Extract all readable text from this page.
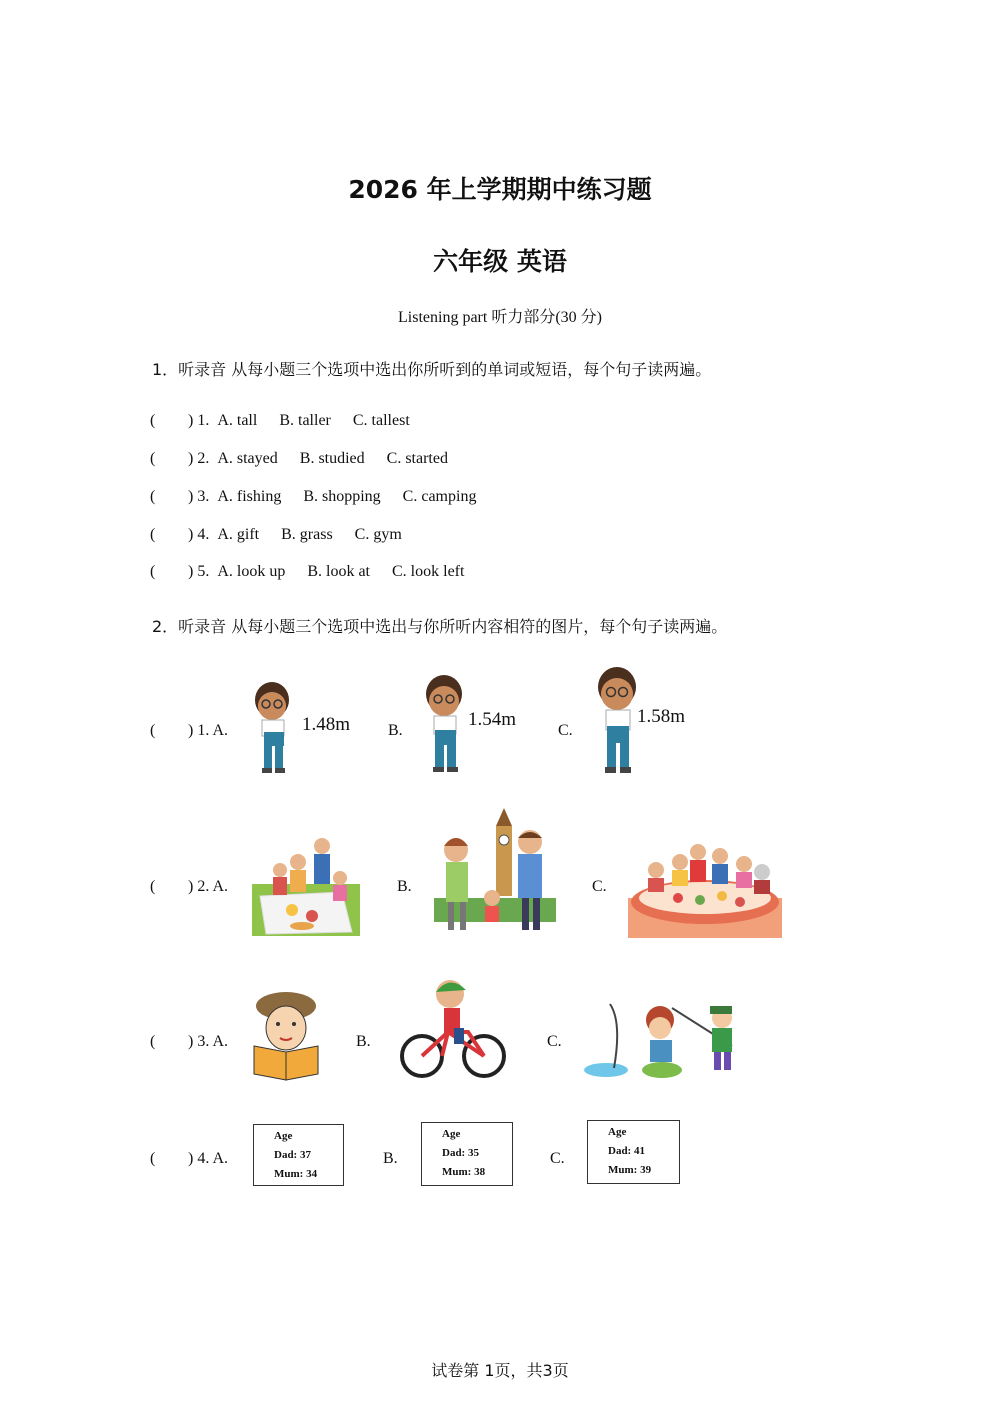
2026 年上学期期中练习题
六年级 英语
Listening part 听力部分(30 分)
1．听录音 从每小题三个选项中选出你所听到的单词或短语，每个句子读两遍。
( ) 1. A. tall B. taller C. tallest
( ) 2. A. stayed B. studied C. started
( ) 3. A. fishing B. shopping C. camping
( ) 4. A. gift B. grass C. gym
( ) 5. A. look up B. look at C. look left
2．听录音 从每小题三个选项中选出与你所听内容相符的图片，每个句子读两遍。
( ) 1. A.	B.	C.
1.48m	1.54m	1.58m
( ) 2. A.	B.	C.
( ) 3. A.	B.	C.
( ) 4. A.	B.	C.
Age
Dad: 37
Mum: 34
Age
Dad: 35
Mum: 38
Age
Dad: 41
Mum: 39
试卷第 1页，共3页
